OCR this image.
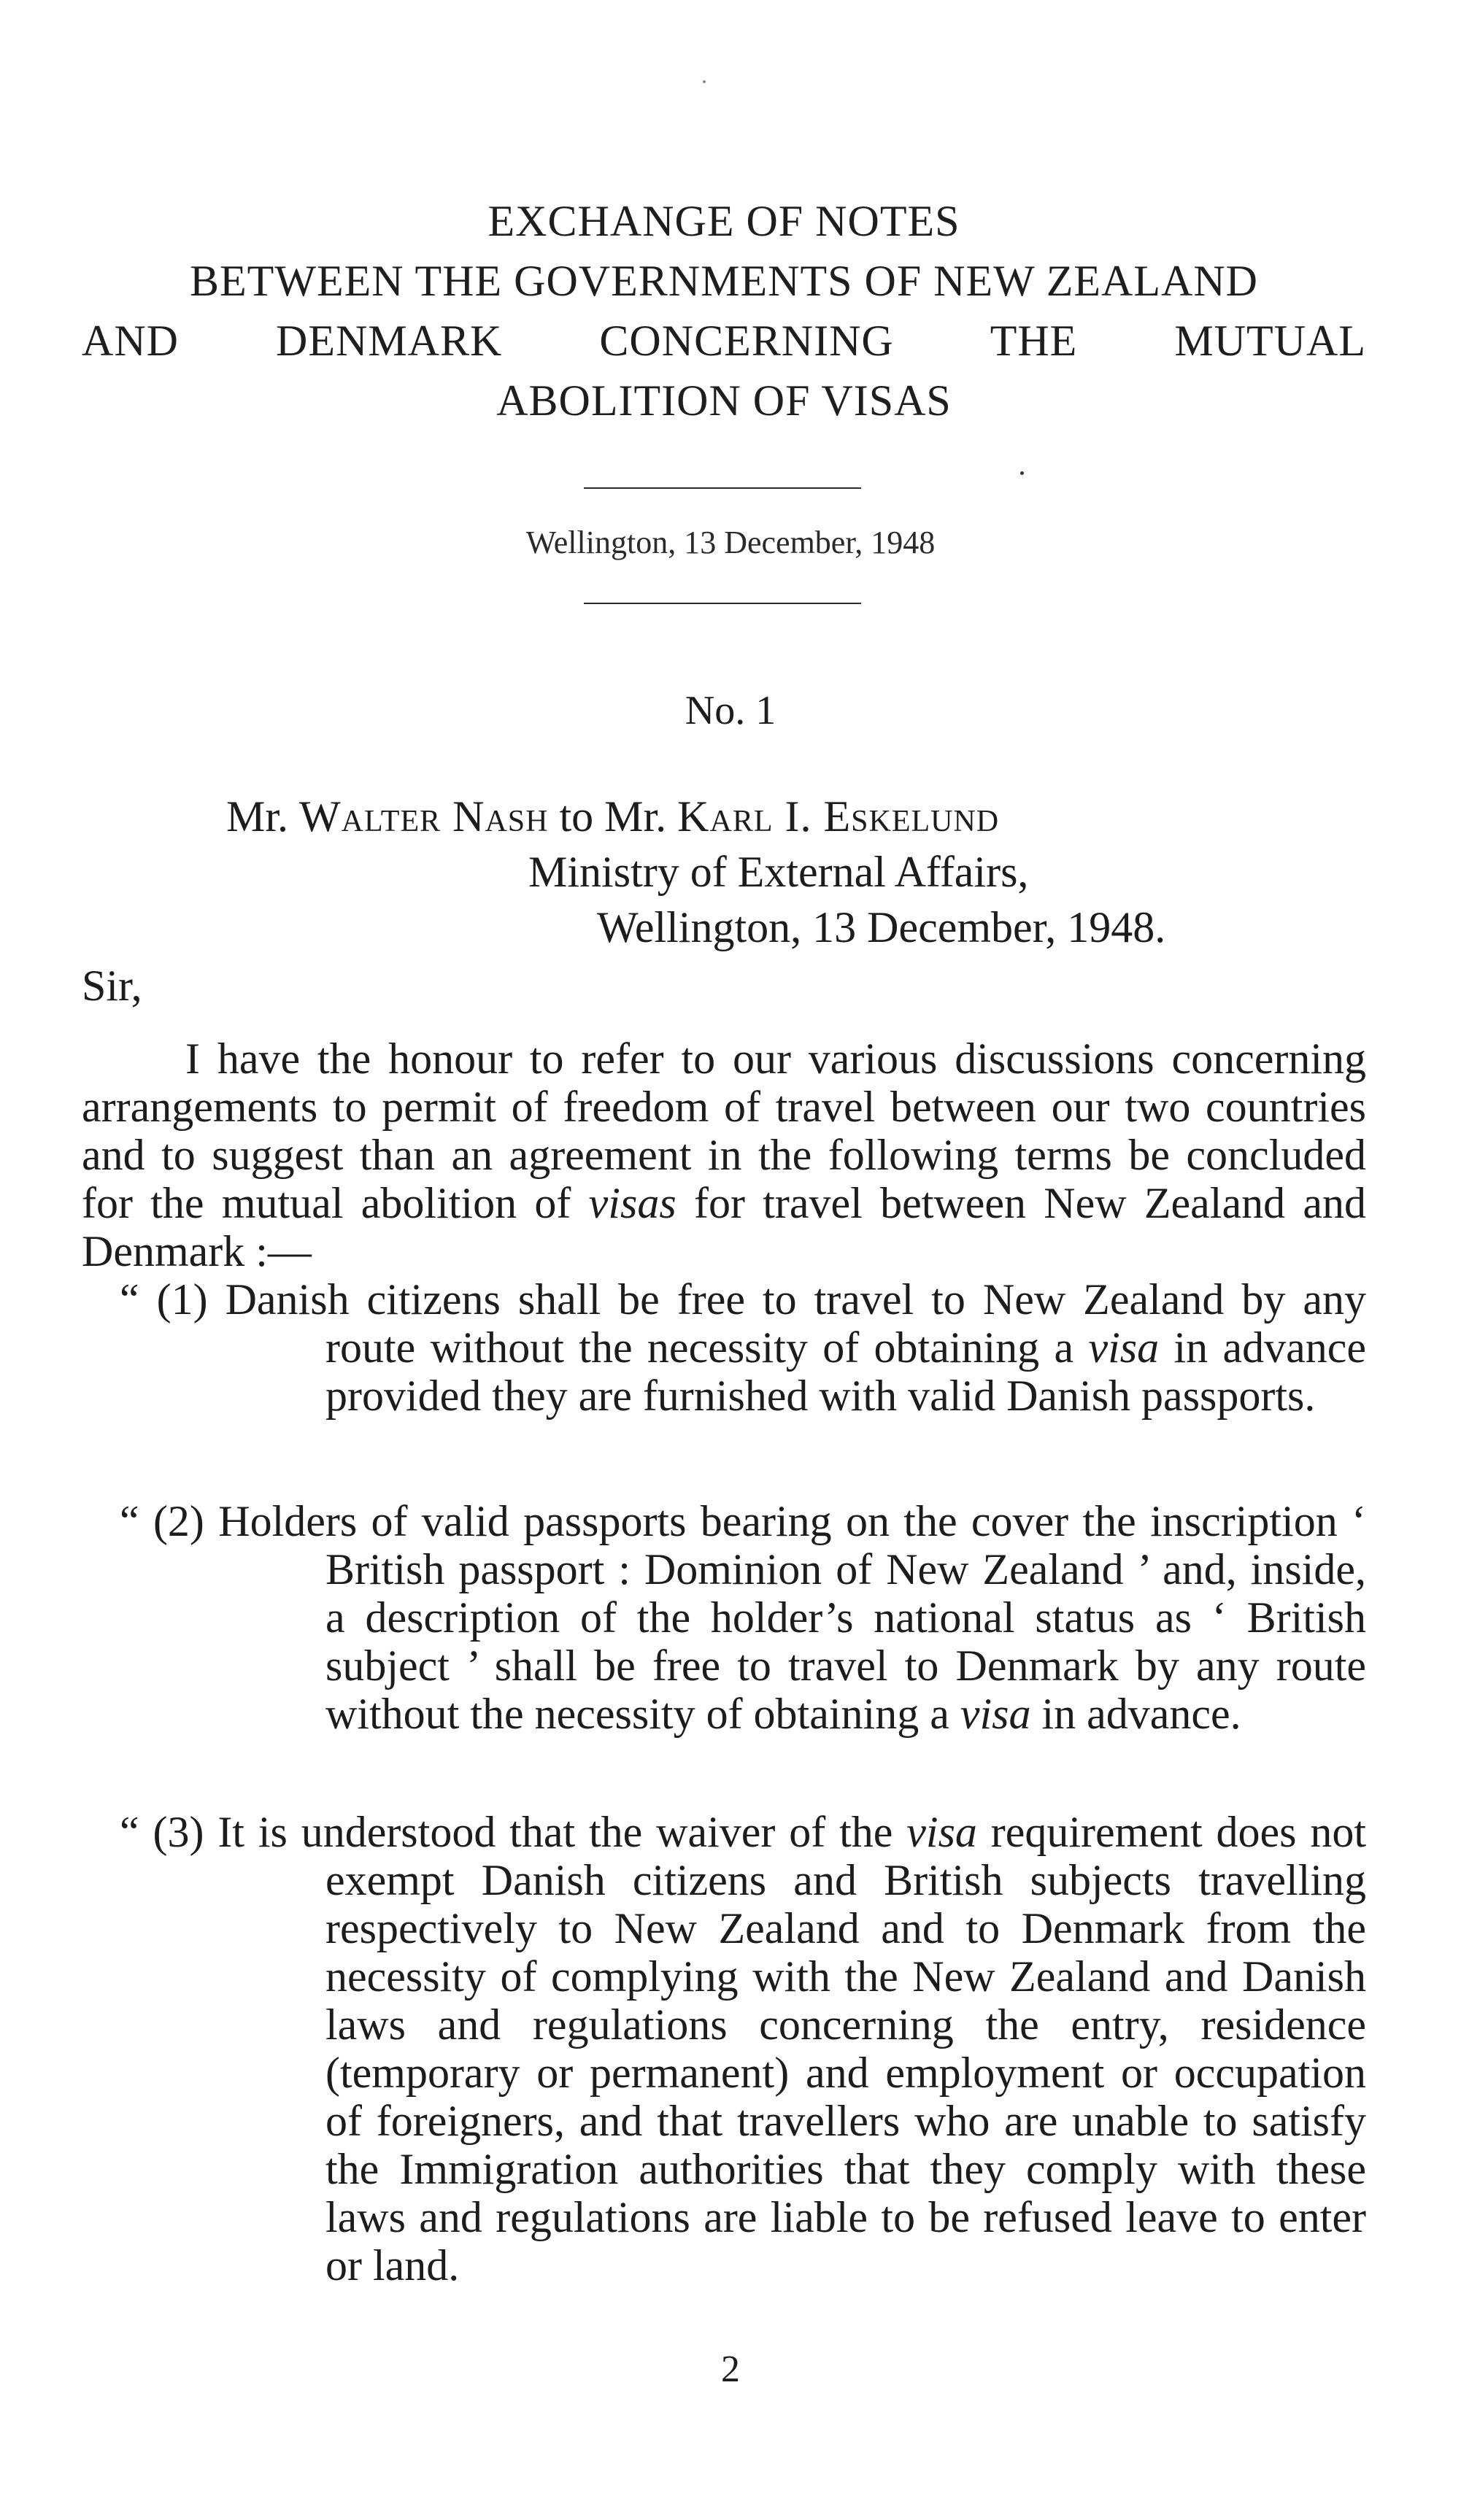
EXCHANGE OF NOTES
BETWEEN THE GOVERNMENTS OF NEW ZEALAND
AND DENMARK CONCERNING THE MUTUAL
ABOLITION OF VISAS
Wellington, 13 December, 1948
No. 1
Mr. Walter Nash to Mr. Karl I. Eskelund
Ministry of External Affairs,
Wellington, 13 December, 1948.
Sir,
I have the honour to refer to our various discussions concerning arrangements to permit of freedom of travel between our two countries and to suggest than an agreement in the following terms be concluded for the mutual abolition of visas for travel between New Zealand and Denmark :—
“ (1) Danish citizens shall be free to travel to New Zealand by any route without the necessity of obtaining a visa in advance provided they are furnished with valid Danish passports.
“ (2) Holders of valid passports bearing on the cover the inscription ‘ British passport : Dominion of New Zealand ’ and, inside, a description of the holder’s national status as ‘ British subject ’ shall be free to travel to Denmark by any route without the necessity of obtaining a visa in advance.
“ (3) It is understood that the waiver of the visa requirement does not exempt Danish citizens and British subjects travelling respectively to New Zealand and to Denmark from the necessity of complying with the New Zealand and Danish laws and regulations concerning the entry, residence (temporary or permanent) and employment or occupation of foreigners, and that travellers who are unable to satisfy the Immigration authorities that they comply with these laws and regulations are liable to be refused leave to enter or land.
2
